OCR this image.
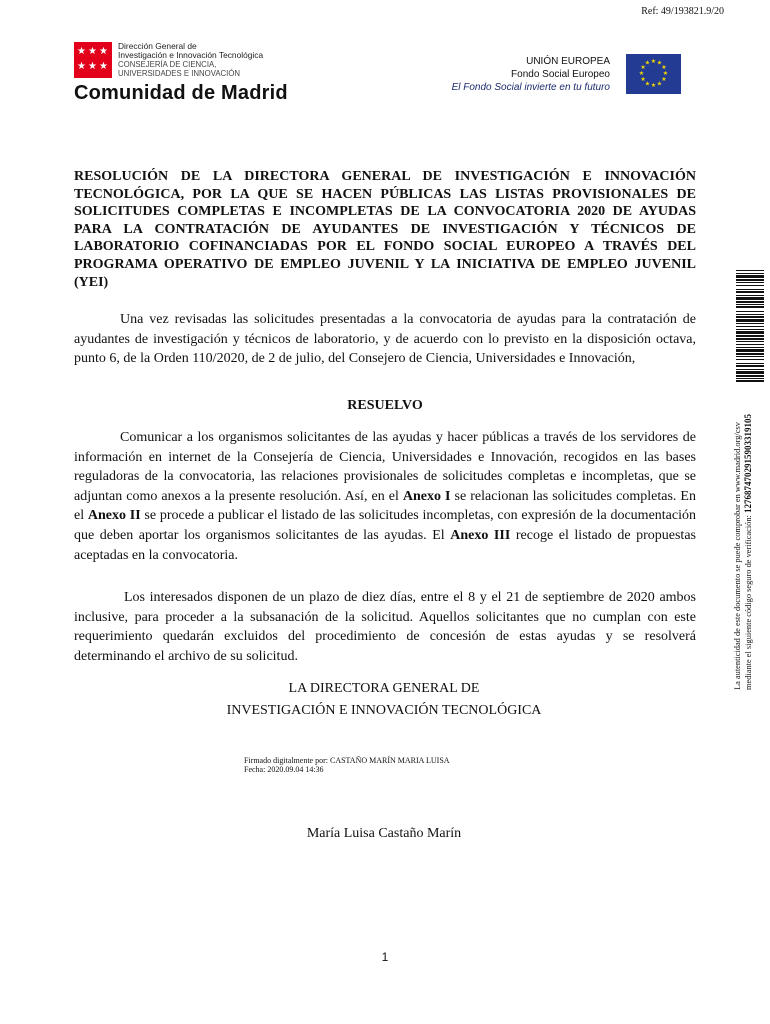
Ref: 49/193821.9/20
★ ★ ★
★ ★ ★
Dirección General de
Investigación e Innovación Tecnológica
CONSEJERÍA DE CIENCIA,
UNIVERSIDADES E INNOVACIÓN
Comunidad de Madrid
UNIÓN EUROPEA
Fondo Social Europeo
El Fondo Social invierte en tu futuro
★ ★
★
★
★
★
★
★
★
★
★
★
RESOLUCIÓN DE LA DIRECTORA GENERAL DE INVESTIGACIÓN E INNOVACIÓN TECNOLÓGICA, POR LA QUE SE HACEN PÚBLICAS LAS LISTAS PROVISIONALES DE SOLICITUDES COMPLETAS E INCOMPLETAS DE LA CONVOCATORIA 2020 DE AYUDAS PARA LA CONTRATACIÓN DE AYUDANTES DE INVESTIGACIÓN Y TÉCNICOS DE LABORATORIO COFINANCIADAS POR EL FONDO SOCIAL EUROPEO A TRAVÉS DEL PROGRAMA OPERATIVO DE EMPLEO JUVENIL Y LA INICIATIVA DE EMPLEO JUVENIL (YEI)

Una vez revisadas las solicitudes presentadas a la convocatoria de ayudas para la contratación de ayudantes de investigación y técnicos de laboratorio, y de acuerdo con lo previsto en la disposición octava, punto 6, de la Orden 110/2020, de 2 de julio, del Consejero de Ciencia, Universidades e Innovación,

RESUELVO

Comunicar a los organismos solicitantes de las ayudas y hacer públicas a través de los servidores de información en internet de la Consejería de Ciencia, Universidades e Innovación, recogidos en las bases reguladoras de la convocatoria, las relaciones provisionales de solicitudes completas e incompletas, que se adjuntan como anexos a la presente resolución. Así, en el Anexo I se relacionan las solicitudes completas. En el Anexo II se procede a publicar el listado de las solicitudes incompletas, con expresión de la documentación que deben aportar los organismos solicitantes de las ayudas. El Anexo III recoge el listado de propuestas aceptadas en la convocatoria.

Los interesados disponen de un plazo de diez días, entre el 8 y el 21 de septiembre de 2020 ambos inclusive, para proceder a la subsanación de la solicitud. Aquellos solicitantes que no cumplan con este requerimiento quedarán excluidos del procedimiento de concesión de estas ayudas y se resolverá determinando el archivo de su solicitud.

LA DIRECTORA GENERAL DE
INVESTIGACIÓN E INNOVACIÓN TECNOLÓGICA
Firmado digitalmente por: CASTAÑO MARÍN MARIA LUISA
Fecha: 2020.09.04 14:36
María Luisa Castaño Marín
1
La autenticidad de este documento se puede comprobar en www.madrid.org/csv mediante el siguiente código seguro de verificación: 1276874702915903319105
